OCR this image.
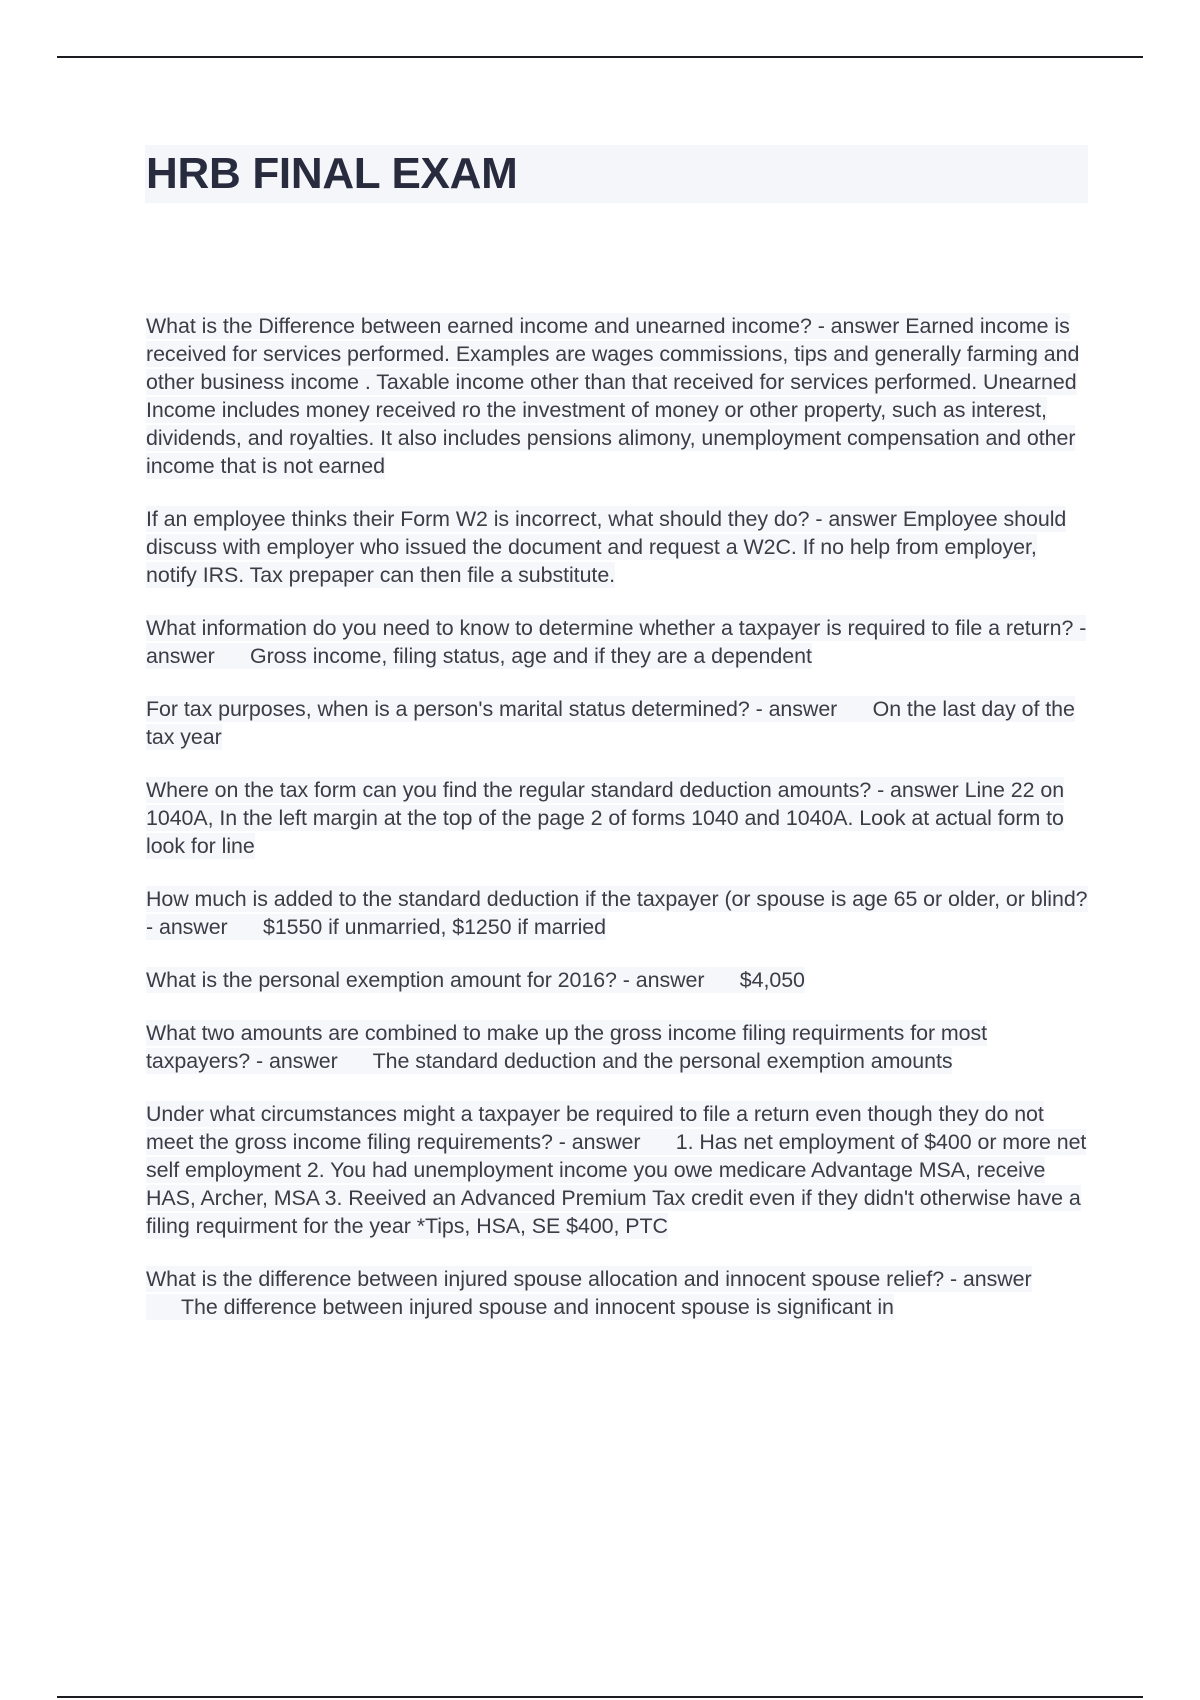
HRB FINAL EXAM

What is the Difference between earned income and unearned income? - answer Earned income is received for services performed. Examples are wages commissions, tips and generally farming and other business income . Taxable income other than that received for services performed. Unearned Income includes money received ro the investment of money or other property, such as interest, dividends, and royalties. It also includes pensions alimony, unemployment compensation and other income that is not earned

If an employee thinks their Form W2 is incorrect, what should they do? - answer Employee should discuss with employer who issued the document and request a W2C. If no help from employer, notify IRS. Tax prepaper can then file a substitute.

What information do you need to know to determine whether a taxpayer is required to file a return? - answer Gross income, filing status, age and if they are a dependent

For tax purposes, when is a person's marital status determined? - answer On the last day of the tax year

Where on the tax form can you find the regular standard deduction amounts? - answer Line 22 on 1040A, In the left margin at the top of the page 2 of forms 1040 and 1040A. Look at actual form to look for line

How much is added to the standard deduction if the taxpayer (or spouse is age 65 or older, or blind? - answer $1550 if unmarried, $1250 if married

What is the personal exemption amount for 2016? - answer $4,050

What two amounts are combined to make up the gross income filing requirments for most taxpayers? - answer The standard deduction and the personal exemption amounts

Under what circumstances might a taxpayer be required to file a return even though they do not meet the gross income filing requirements? - answer 1. Has net employment of $400 or more net self employment 2. You had unemployment income you owe medicare Advantage MSA, receive HAS, Archer, MSA 3. Reeived an Advanced Premium Tax credit even if they didn't otherwise have a filing requirment for the year *Tips, HSA, SE $400, PTC

What is the difference between injured spouse allocation and innocent spouse relief? - answer      The difference between injured spouse and innocent spouse is significant in
